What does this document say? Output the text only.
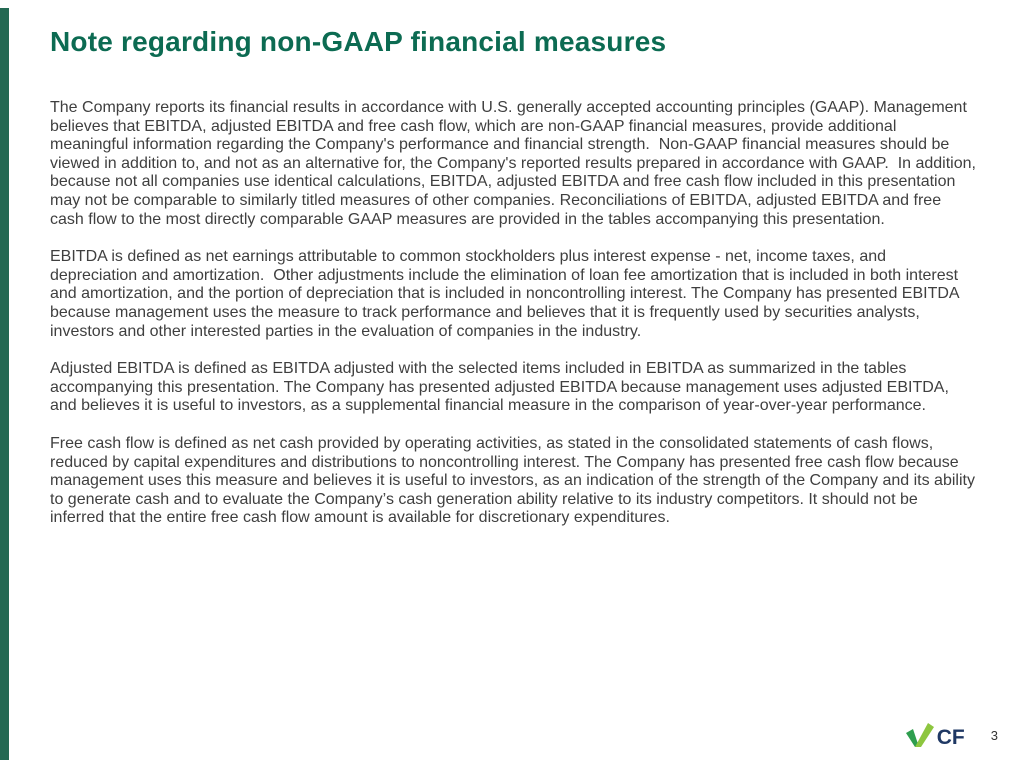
Note regarding non-GAAP financial measures

The Company reports its financial results in accordance with U.S. generally accepted accounting principles (GAAP). Management believes that EBITDA, adjusted EBITDA and free cash flow, which are non-GAAP financial measures, provide additional meaningful information regarding the Company's performance and financial strength.  Non-GAAP financial measures should be viewed in addition to, and not as an alternative for, the Company's reported results prepared in accordance with GAAP.  In addition, because not all companies use identical calculations, EBITDA, adjusted EBITDA and free cash flow included in this presentation may not be comparable to similarly titled measures of other companies. Reconciliations of EBITDA, adjusted EBITDA and free cash flow to the most directly comparable GAAP measures are provided in the tables accompanying this presentation.

EBITDA is defined as net earnings attributable to common stockholders plus interest expense - net, income taxes, and depreciation and amortization.  Other adjustments include the elimination of loan fee amortization that is included in both interest and amortization, and the portion of depreciation that is included in noncontrolling interest. The Company has presented EBITDA because management uses the measure to track performance and believes that it is frequently used by securities analysts, investors and other interested parties in the evaluation of companies in the industry.

Adjusted EBITDA is defined as EBITDA adjusted with the selected items included in EBITDA as summarized in the tables accompanying this presentation. The Company has presented adjusted EBITDA because management uses adjusted EBITDA, and believes it is useful to investors, as a supplemental financial measure in the comparison of year-over-year performance.

Free cash flow is defined as net cash provided by operating activities, as stated in the consolidated statements of cash flows, reduced by capital expenditures and distributions to noncontrolling interest. The Company has presented free cash flow because management uses this measure and believes it is useful to investors, as an indication of the strength of the Company and its ability to generate cash and to evaluate the Company’s cash generation ability relative to its industry competitors. It should not be inferred that the entire free cash flow amount is available for discretionary expenditures.

CF 3
